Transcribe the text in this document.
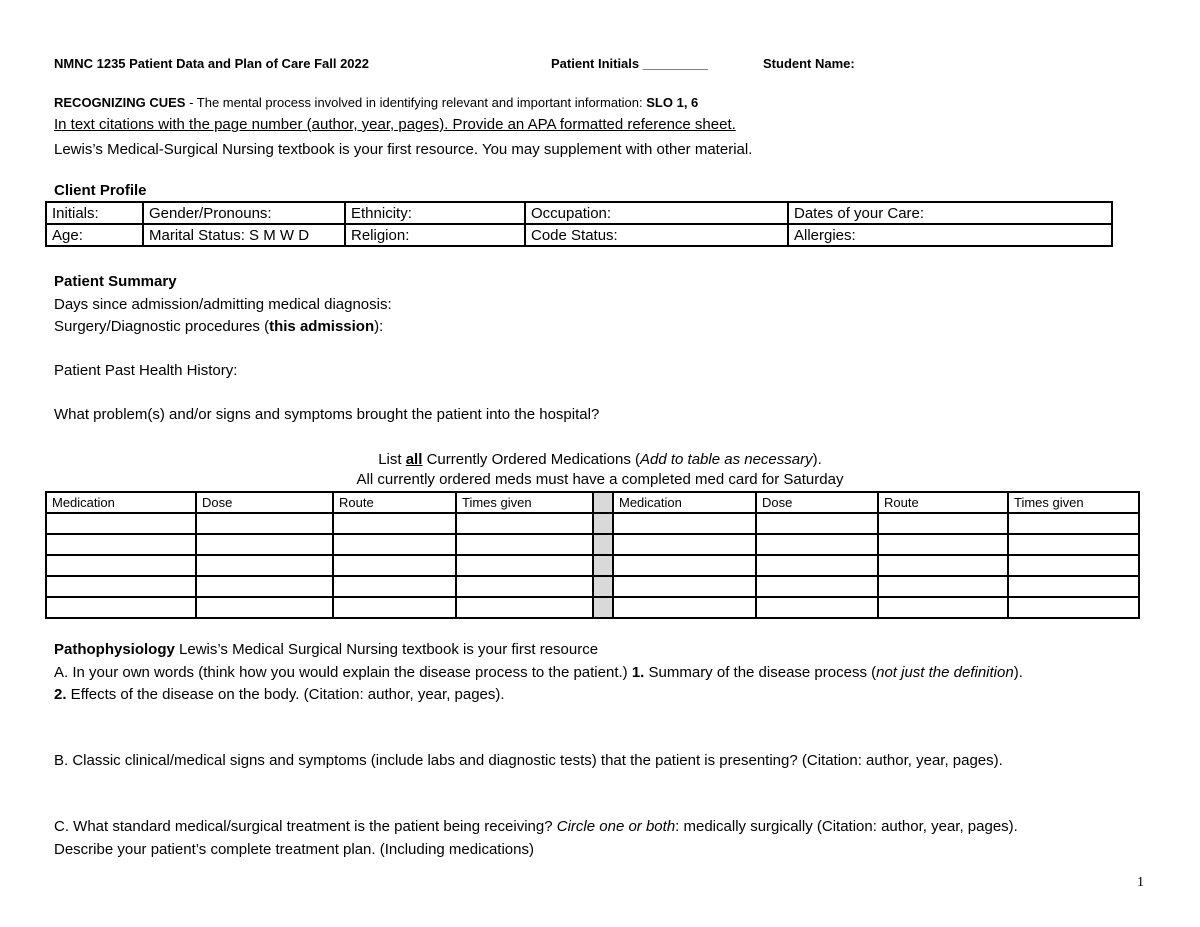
NMNC 1235 Patient Data and Plan of Care Fall 2022	Patient Initials _________	Student Name:
RECOGNIZING CUES - The mental process involved in identifying relevant and important information: SLO 1, 6
In text citations with the page number (author, year, pages). Provide an APA formatted reference sheet.
Lewis’s Medical-Surgical Nursing textbook is your first resource. You may supplement with other material.
Client Profile
Initials:	Gender/Pronouns:	Ethnicity:	Occupation:	Dates of your Care:
Age:	Marital Status: S M W D	Religion:	Code Status:	Allergies:
Patient Summary
Days since admission/admitting medical diagnosis:
Surgery/Diagnostic procedures (this admission):
Patient Past Health History:
What problem(s) and/or signs and symptoms brought the patient into the hospital?
List all Currently Ordered Medications (Add to table as necessary).
All currently ordered meds must have a completed med card for Saturday
Medication	Dose	Route	Times given		Medication	Dose	Route	Times given

Pathophysiology Lewis’s Medical Surgical Nursing textbook is your first resource
A. In your own words (think how you would explain the disease process to the patient.) 1. Summary of the disease process (not just the definition).
2. Effects of the disease on the body. (Citation: author, year, pages).
B. Classic clinical/medical signs and symptoms (include labs and diagnostic tests) that the patient is presenting? (Citation: author, year, pages).
C. What standard medical/surgical treatment is the patient being receiving? Circle one or both: medically surgically (Citation: author, year, pages).
Describe your patient’s complete treatment plan. (Including medications)
1
